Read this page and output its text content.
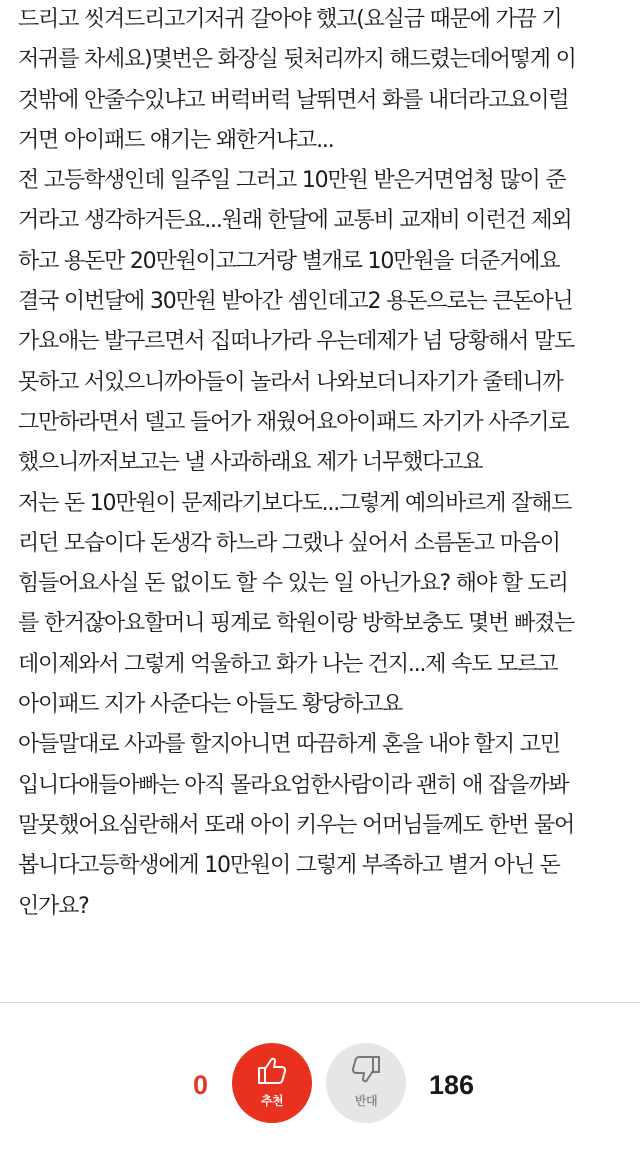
드리고 씻겨드리고기저귀 갈아야 했고(요실금 때문에 가끔 기
저귀를 차세요)몇번은 화장실 뒷처리까지 해드렸는데어떻게 이
것밖에 안줄수있냐고 버럭버럭 날뛰면서 화를 내더라고요이럴
거면 아이패드 얘기는 왜한거냐고...
전 고등학생인데 일주일 그러고 10만원 받은거면엄청 많이 준
거라고 생각하거든요...원래 한달에 교통비 교재비 이런건 제외
하고 용돈만 20만원이고그거랑 별개로 10만원을 더준거에요
결국 이번달에 30만원 받아간 셈인데고2 용돈으로는 큰돈아닌
가요애는 발구르면서 집떠나가라 우는데제가 넘 당황해서 말도
못하고 서있으니까아들이 놀라서 나와보더니자기가 줄테니까
그만하라면서 델고 들어가 재웠어요아이패드 자기가 사주기로
했으니까저보고는 낼 사과하래요 제가 너무했다고요
저는 돈 10만원이 문제라기보다도...그렇게 예의바르게 잘해드
리던 모습이다 돈생각 하느라 그랬나 싶어서 소름돋고 마음이
힘들어요사실 돈 없이도 할 수 있는 일 아닌가요? 해야 할 도리
를 한거잖아요할머니 핑계로 학원이랑 방학보충도 몇번 빠졌는
데이제와서 그렇게 억울하고 화가 나는 건지...제 속도 모르고
아이패드 지가 사준다는 아들도 황당하고요
아들말대로 사과를 할지아니면 따끔하게 혼을 내야 할지 고민
입니다애들아빠는 아직 몰라요엄한사람이라 괜히 애 잡을까봐
말못했어요심란해서 또래 아이 키우는 어머님들께도 한번 물어
봅니다고등학생에게 10만원이 그렇게 부족하고 별거 아닌 돈
인가요?
0
추천	반대
186
